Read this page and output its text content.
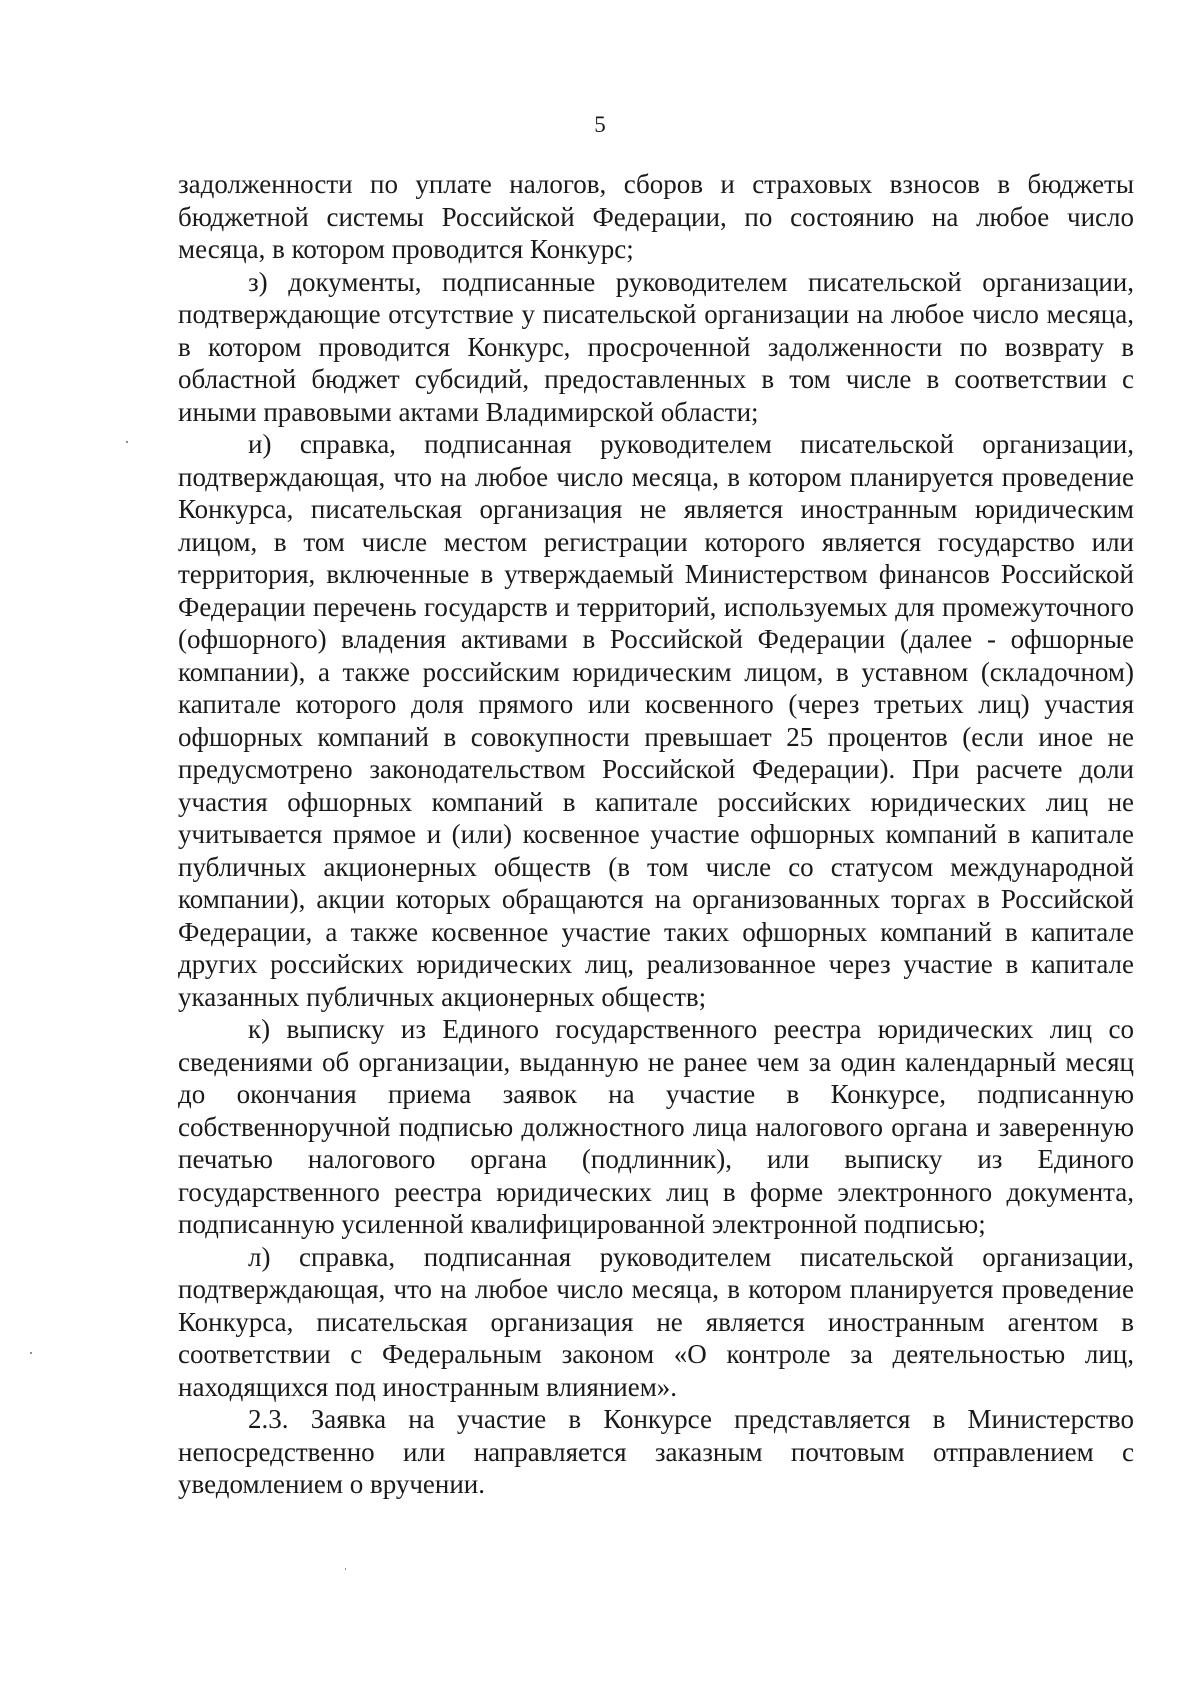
5

задолженности по уплате налогов, сборов и страховых взносов в бюджеты бюджетной системы Российской Федерации, по состоянию на любое число месяца, в котором проводится Конкурс;

з) документы, подписанные руководителем писательской организации, подтверждающие отсутствие у писательской организации на любое число месяца, в котором проводится Конкурс, просроченной задолженности по возврату в областной бюджет субсидий, предоставленных в том числе в соответствии с иными правовыми актами Владимирской области;

и) справка, подписанная руководителем писательской организации, подтверждающая, что на любое число месяца, в котором планируется проведение Конкурса, писательская организация не является иностранным юридическим лицом, в том числе местом регистрации которого является государство или территория, включенные в утверждаемый Министерством финансов Российской Федерации перечень государств и территорий, используемых для промежуточного (офшорного) владения активами в Российской Федерации (далее - офшорные компании), а также российским юридическим лицом, в уставном (складочном) капитале которого доля прямого или косвенного (через третьих лиц) участия офшорных компаний в совокупности превышает 25 процентов (если иное не предусмотрено законодательством Российской Федерации). При расчете доли участия офшорных компаний в капитале российских юридических лиц не учитывается прямое и (или) косвенное участие офшорных компаний в капитале публичных акционерных обществ (в том числе со статусом международной компании), акции которых обращаются на организованных торгах в Российской Федерации, а также косвенное участие таких офшорных компаний в капитале других российских юридических лиц, реализованное через участие в капитале указанных публичных акционерных обществ;

к) выписку из Единого государственного реестра юридических лиц со сведениями об организации, выданную не ранее чем за один календарный месяц до окончания приема заявок на участие в Конкурсе, подписанную собственноручной подписью должностного лица налогового органа и заверенную печатью налогового органа (подлинник), или выписку из Единого государственного реестра юридических лиц в форме электронного документа, подписанную усиленной квалифицированной электронной подписью;

л) справка, подписанная руководителем писательской организации, подтверждающая, что на любое число месяца, в котором планируется проведение Конкурса, писательская организация не является иностранным агентом в соответствии с Федеральным законом «О контроле за деятельностью лиц, находящихся под иностранным влиянием».

2.3. Заявка на участие в Конкурсе представляется в Министерство непосредственно или направляется заказным почтовым отправлением с уведомлением о вручении.
